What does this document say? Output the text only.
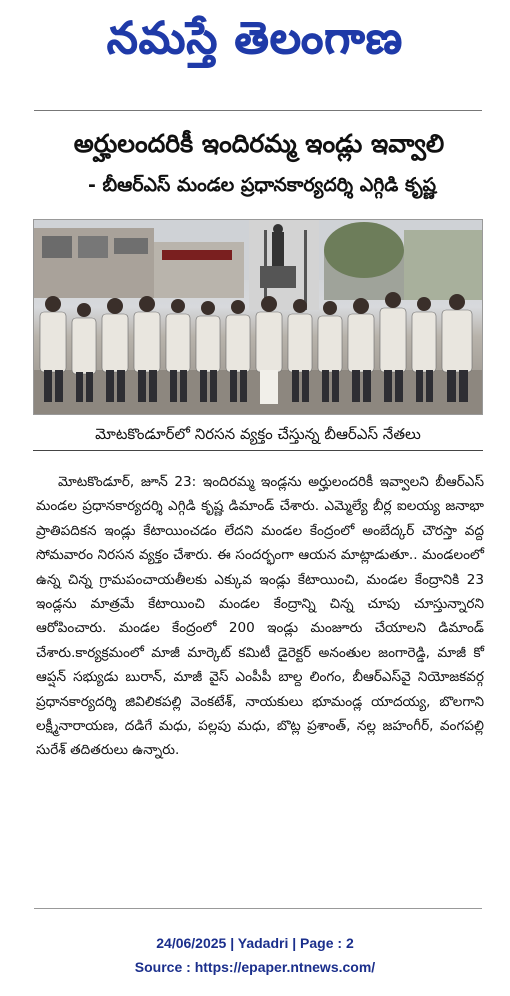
నమస్తే తెలంగాణ
అర్హులందరికీ ఇందిరమ్మ ఇండ్లు ఇవ్వాలి
- బీఆర్‌ఎస్ మండల ప్రధానకార్యదర్శి ఎగ్గిడి కృష్ణ
మోటకొండూర్‌లో నిరసన వ్యక్తం చేస్తున్న బీఆర్‌ఎస్ నేతలు

మోటకొండూర్, జూన్ 23: ఇందిరమ్మ ఇండ్లను అర్హులందరికీ ఇవ్వాలని బీఆర్‌ఎస్ మండల ప్రధానకార్యదర్శి ఎగ్గిడి కృష్ణ డిమాండ్ చేశారు. ఎమ్మెల్యే బీర్ల ఐలయ్య జనాభా ప్రాతిపదికన ఇండ్లు కేటాయించడం లేదని మండల కేంద్రంలో అంబేద్కర్ చౌరస్తా వద్ద సోమవారం నిరసన వ్యక్తం చేశారు. ఈ సందర్భంగా ఆయన మాట్లాడుతూ.. మండలంలో ఉన్న చిన్న గ్రామపంచాయతీలకు ఎక్కువ ఇండ్లు కేటాయించి, మండల కేంద్రానికి 23 ఇండ్లను మాత్రమే కేటాయించి మండల కేంద్రాన్ని చిన్న చూపు చూస్తున్నారని ఆరోపించారు. మండల కేంద్రంలో 200 ఇండ్లు మంజూరు చేయాలని డిమాండ్ చేశారు.కార్యక్రమంలో మాజీ మార్కెట్ కమిటీ డైరెక్టర్ అనంతుల జంగారెడ్డి, మాజీ కో ఆప్షన్ సభ్యుడు బురాన్, మాజీ వైస్ ఎంపీపీ బాల్ద లింగం, బీఆర్‌ఎస్‌వై నియోజకవర్గ ప్రధానకార్యదర్శి జివిలికపల్లి వెంకటేశ్, నాయకులు భూమండ్ల యాదయ్య, బొలగాని లక్ష్మీనారాయణ, దడిగే మధు, పల్లపు మధు, బొట్ల ప్రశాంత్, నల్ల జహంగీర్, వంగపల్లి సురేశ్ తదితరులు ఉన్నారు.

24/06/2025 | Yadadri | Page : 2
Source : https://epaper.ntnews.com/
